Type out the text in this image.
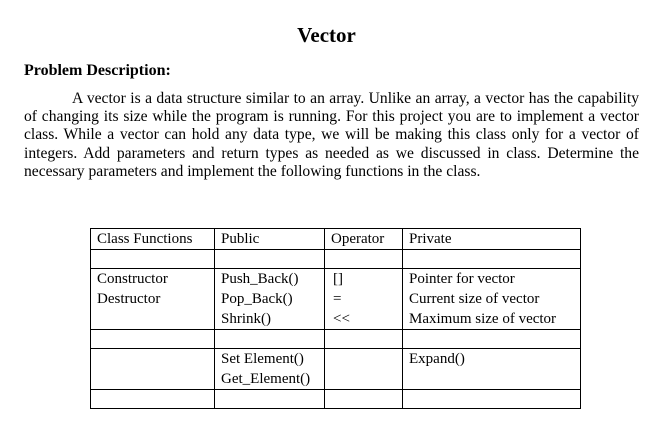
Vector
Problem Description:

A vector is a data structure similar to an array. Unlike an array, a vector has the capability of changing its size while the program is running. For this project you are to implement a vector class. While a vector can hold any data type, we will be making this class only for a vector of integers. Add parameters and return types as needed as we discussed in class. Determine the necessary parameters and implement the following functions in the class.

Class Functions	Public	Operator	Private

Constructor	Push_Back()	[]	Pointer for vector
Destructor	Pop_Back()	=	Current size of vector
	Shrink()	<<	Maximum size of vector

	Set Element()		Expand()
	Get_Element()		
